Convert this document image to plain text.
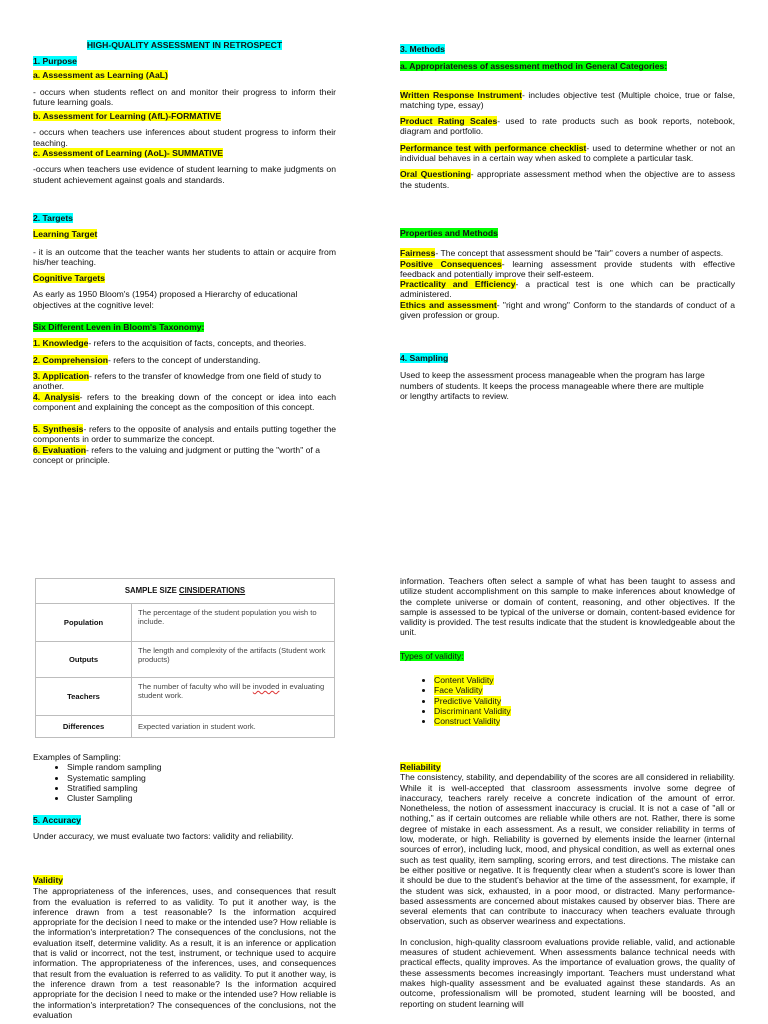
HIGH-QUALITY ASSESSMENT IN RETROSPECT

1. Purpose

a. Assessment as Learning (AaL)

- occurs when students reflect on and monitor their progress to inform their future learning goals.

b. Assessment for Learning (AfL)-FORMATIVE

- occurs when teachers use inferences about student progress to inform their teaching.

c. Assessment of Learning (AoL)- SUMMATIVE

-occurs when teachers use evidence of student learning to make judgments on student achievement against goals and standards.

2. Targets

Learning Target

- it is an outcome that the teacher wants her students to attain or acquire from his/her teaching.

Cognitive Targets

As early as 1950 Bloom's (1954) proposed a Hierarchy of educational objectives at the cognitive level:

Six Different Leven in Bloom's Taxonomy:

1. Knowledge- refers to the acquisition of facts, concepts, and theories.

2. Comprehension- refers to the concept of understanding.

3. Application- refers to the transfer of knowledge from one field of study to another.

4. Analysis- refers to the breaking down of the concept or idea into each component and explaining the concept as the composition of this concept.

5. Synthesis- refers to the opposite of analysis and entails putting together the components in order to summarize the concept.

6. Evaluation- refers to the valuing and judgment or putting the "worth" of a concept or principle.

3. Methods

a. Appropriateness of assessment method in General Categories:

Written Response Instrument- includes objective test (Multiple choice, true or false, matching type, essay)

Product Rating Scales- used to rate products such as book reports, notebook, diagram and portfolio.

Performance test with performance checklist- used to determine whether or not an individual behaves in a certain way when asked to complete a particular task.

Oral Questioning- appropriate assessment method when the objective are to assess the students.

Properties and Methods

Fairness- The concept that assessment should be "fair" covers a number of aspects.

Positive Consequences- learning assessment provide students with effective feedback and potentially improve their self-esteem.

Practicality and Efficiency- a practical test is one which can be practically administered.

Ethics and assessment- "right and wrong" Conform to the standards of conduct of a given profession or group.

4. Sampling

Used to keep the assessment process manageable when the program has large numbers of students. It keeps the process manageable where there are multiple or lengthy artifacts to review.

SAMPLE SIZE CINSIDERATIONS	
Population	The percentage of the student population you wish to include.
Outputs	The length and complexity of the artifacts (Student work products)
Teachers	The number of faculty who will be invoded in evaluating student work.
Differences	Expected variation in student work.

Examples of Sampling:

• Simple random sampling
• Systematic sampling
• Stratified sampling
• Cluster Sampling

5. Accuracy

Under accuracy, we must evaluate two factors: validity and reliability.

Validity

The appropriateness of the inferences, uses, and consequences that result from the evaluation is referred to as validity. To put it another way, is the inference drawn from a test reasonable? Is the information acquired appropriate for the decision I need to make or the intended use? How reliable is the information's interpretation? The consequences of the conclusions, not the evaluation itself, determine validity. As a result, it is an inference or application that is valid or incorrect, not the test, instrument, or technique used to acquire information. The appropriateness of the inferences, uses, and consequences that result from the evaluation is referred to as validity. To put it another way, is the inference drawn from a test reasonable? Is the information acquired appropriate for the decision I need to make or the intended use? How reliable is the information's interpretation? The consequences of the conclusions, not the evaluation

information. Teachers often select a sample of what has been taught to assess and utilize student accomplishment on this sample to make inferences about knowledge of the complete universe or domain of content, reasoning, and other objectives. If the sample is assessed to be typical of the universe or domain, content-based evidence for validity is provided. The test results indicate that the student is knowledgeable about the unit.

Types of validity:

• Content Validity
• Face Validity
• Predictive Validity
• Discriminant Validity
• Construct Validity

Reliability

The consistency, stability, and dependability of the scores are all considered in reliability. While it is well-accepted that classroom assessments involve some degree of inaccuracy, teachers rarely receive a concrete indication of the amount of error. Nonetheless, the notion of assessment inaccuracy is crucial. It is not a case of "all or nothing," as if certain outcomes are reliable while others are not. Rather, there is some degree of mistake in each assessment. As a result, we consider reliability in terms of low, moderate, or high. Reliability is governed by elements inside the learner (internal sources of error), including luck, mood, and physical condition, as well as external ones such as test quality, item sampling, scoring errors, and test directions. The mistake can be either positive or negative. It is frequently clear when a student's score is lower than it should be due to the student's behavior at the time of the assessment, for example, if the student was sick, exhausted, in a poor mood, or distracted. Many performance-based assessments are concerned about mistakes caused by observer bias. There are several elements that can contribute to inaccuracy when teachers evaluate through observation, such as observer weariness and expectations.

In conclusion, high-quality classroom evaluations provide reliable, valid, and actionable measures of student achievement. When assessments balance technical needs with practical effects, quality improves. As the importance of evaluation grows, the quality of these assessments becomes increasingly important. Teachers must understand what makes high-quality assessment and be evaluated against these standards. As an outcome, professionalism will be promoted, student learning will be boosted, and reporting on student learning will
